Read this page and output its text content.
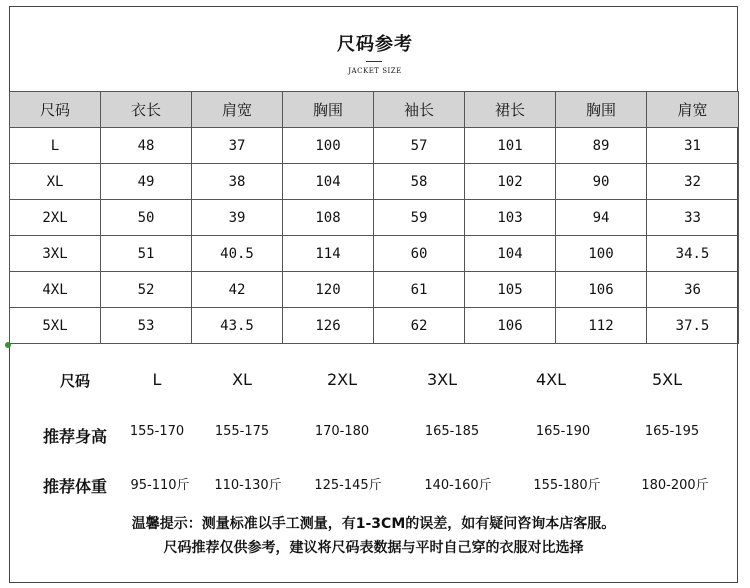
尺码参考
JACKET SIZE
尺码	衣长	肩宽	胸围	袖长	裙长	胸围	肩宽
L	48	37	100	57	101	89	31
XL	49	38	104	58	102	90	32
2XL	50	39	108	59	103	94	33
3XL	51	40.5	114	60	104	100	34.5
4XL	52	42	120	61	105	106	36
5XL	53	43.5	126	62	106	112	37.5
尺码	L	XL	2XL	3XL	4XL	5XL
推荐身高	155-170	155-175	170-180	165-185	165-190	165-195
推荐体重	95-110斤	110-130斤	125-145斤	140-160斤	155-180斤	180-200斤
温馨提示：测量标准以手工测量，有1-3CM的误差，如有疑问咨询本店客服。
尺码推荐仅供参考，建议将尺码表数据与平时自己穿的衣服对比选择
